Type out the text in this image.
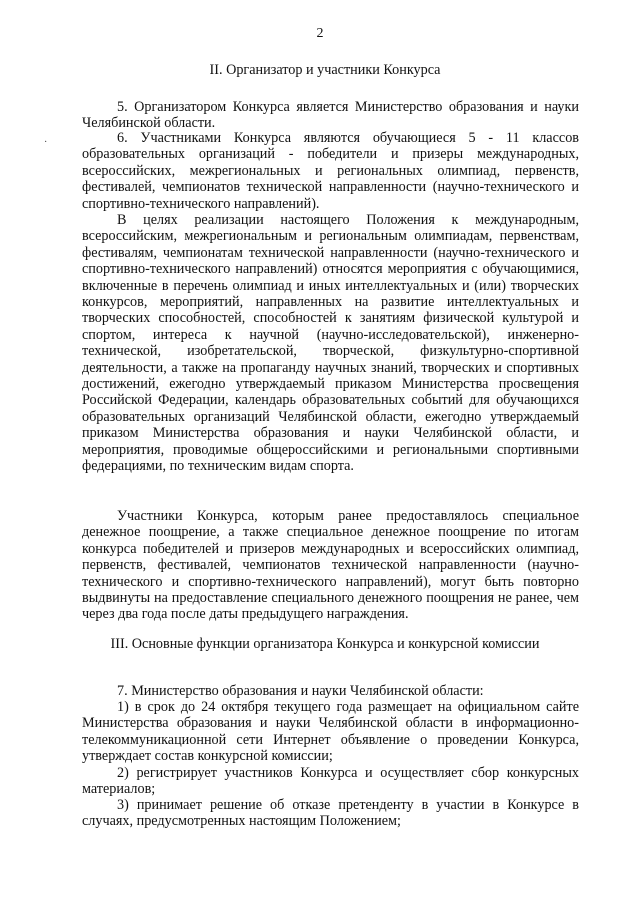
2
·
II. Организатор и участники Конкурса

5. Организатором Конкурса является Министерство образования и науки Челябинской области.

6. Участниками Конкурса являются обучающиеся 5 - 11 классов образовательных организаций - победители и призеры международных, всероссийских, межрегиональных и региональных олимпиад, первенств, фестивалей, чемпионатов технической направленности (научно-технического и спортивно-технического направлений).

В целях реализации настоящего Положения к международным, всероссийским, межрегиональным и региональным олимпиадам, первенствам, фестивалям, чемпионатам технической направленности (научно-технического и спортивно-технического направлений) относятся мероприятия с обучающимися, включенные в перечень олимпиад и иных интеллектуальных и (или) творческих конкурсов, мероприятий, направленных на развитие интеллектуальных и творческих способностей, способностей к занятиям физической культурой и спортом, интереса к научной (научно-исследовательской), инженерно-технической, изобретательской, творческой, физкультурно-спортивной деятельности, а также на пропаганду научных знаний, творческих и спортивных достижений, ежегодно утверждаемый приказом Министерства просвещения Российской Федерации, календарь образовательных событий для обучающихся образовательных организаций Челябинской области, ежегодно утверждаемый приказом Министерства образования и науки Челябинской области, и мероприятия, проводимые общероссийскими и региональными спортивными федерациями, по техническим видам спорта.

Участники Конкурса, которым ранее предоставлялось специальное денежное поощрение, а также специальное денежное поощрение по итогам конкурса победителей и призеров международных и всероссийских олимпиад, первенств, фестивалей, чемпионатов технической направленности (научно-технического и спортивно-технического направлений), могут быть повторно выдвинуты на предоставление специального денежного поощрения не ранее, чем через два года после даты предыдущего награждения.

III. Основные функции организатора Конкурса и конкурсной комиссии

7. Министерство образования и науки Челябинской области:

1) в срок до 24 октября текущего года размещает на официальном сайте Министерства образования и науки Челябинской области в информационно-телекоммуникационной сети Интернет объявление о проведении Конкурса, утверждает состав конкурсной комиссии;

2) регистрирует участников Конкурса и осуществляет сбор конкурсных материалов;

3) принимает решение об отказе претенденту в участии в Конкурсе в случаях, предусмотренных настоящим Положением;
